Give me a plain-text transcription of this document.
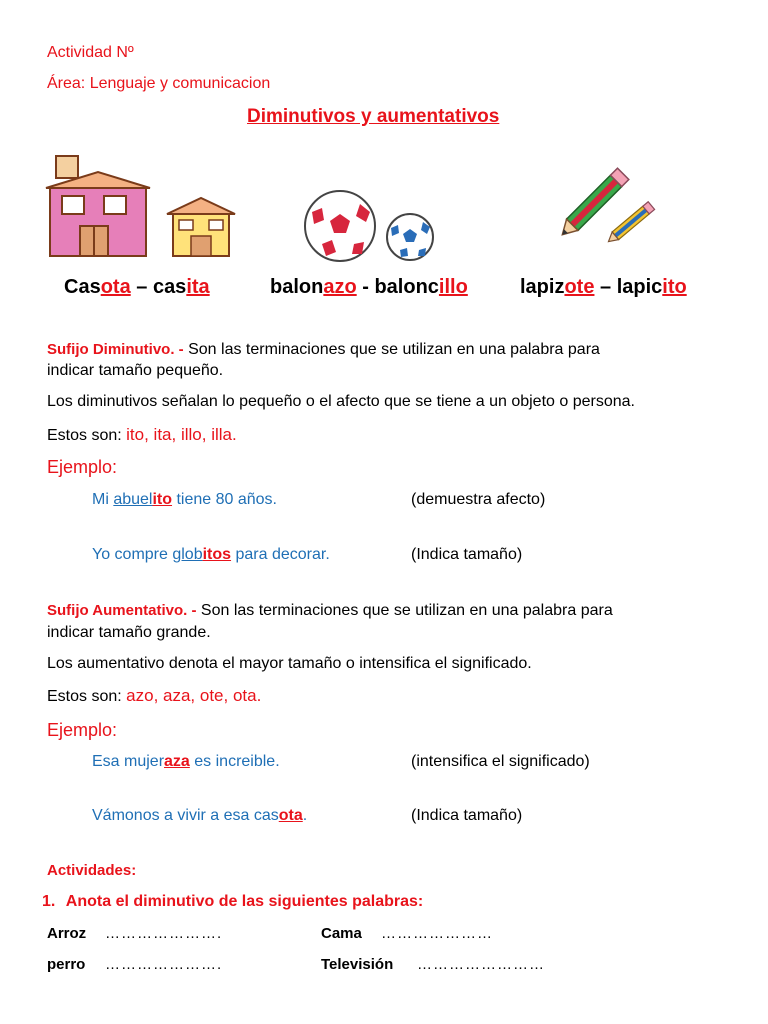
Actividad Nº
Área: Lenguaje y comunicacion
Diminutivos y aumentativos
Casota – casita	balonazo - baloncillo	lapizote – lapicito
Sufijo Diminutivo. - Son las terminaciones que se utilizan en una palabra para
indicar tamaño pequeño.
Los diminutivos señalan lo pequeño o el afecto que se tiene a un objeto o persona.
Estos son: ito, ita, illo, illa.
Ejemplo:
Mi abuelito tiene 80 años.	(demuestra afecto)
Yo compre globitos para decorar.	(Indica tamaño)
Sufijo Aumentativo. - Son las terminaciones que se utilizan en una palabra para
indicar tamaño grande.
Los aumentativo denota el mayor tamaño o intensifica el significado.
Estos son: azo, aza, ote, ota.
Ejemplo:
Esa mujeraza es increible.	(intensifica el significado)
Vámonos a vivir a esa casota.	(Indica tamaño)
Actividades:
1. Anota el diminutivo de las siguientes palabras:
Arroz ………………….	Cama …………………
perro ………………….	Televisión ……………………
